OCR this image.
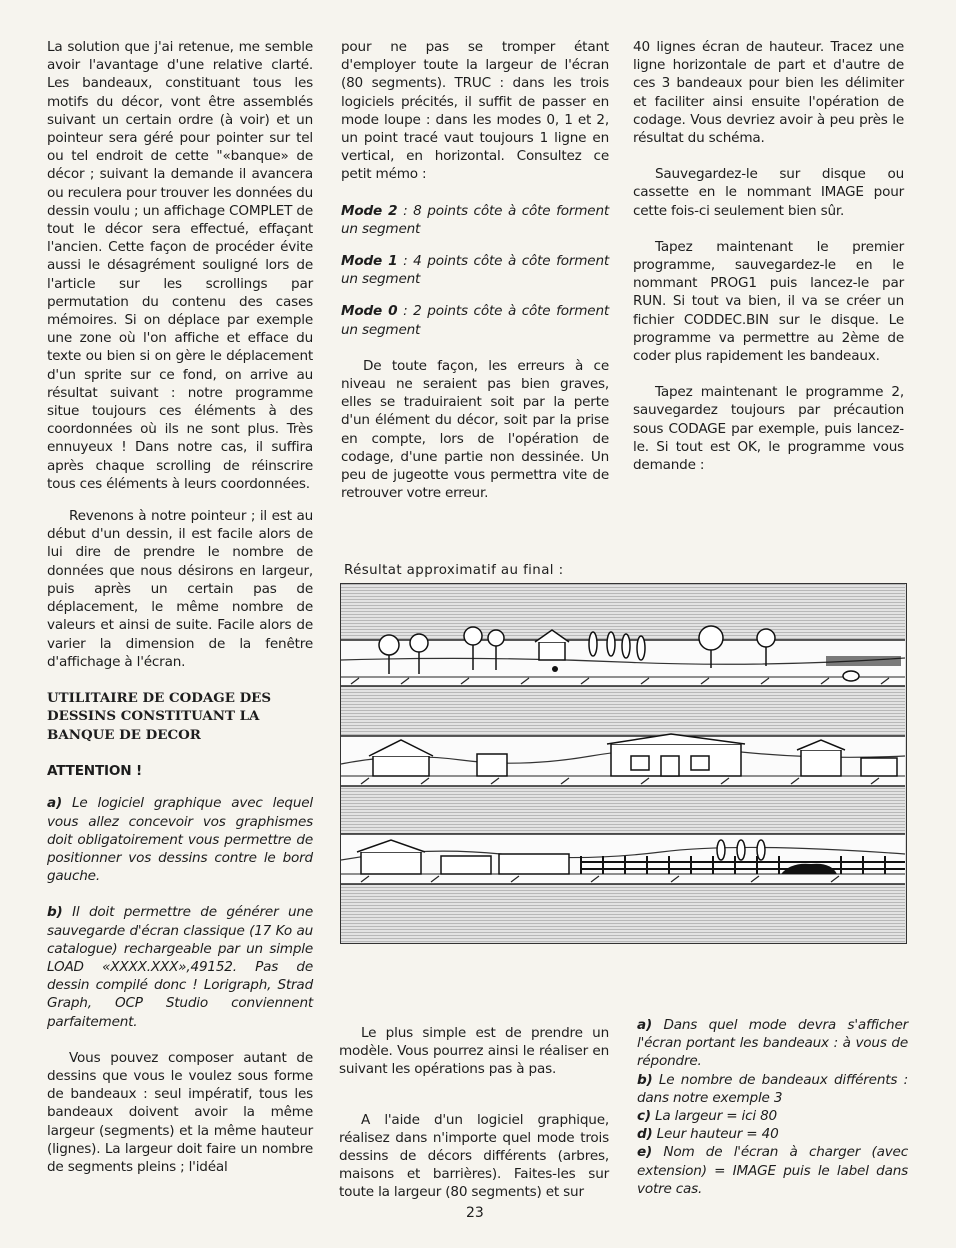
La solution que j'ai retenue, me semble avoir l'avantage d'une relative clarté. Les bandeaux, constituant tous les motifs du décor, vont être assemblés suivant un certain ordre (à voir) et un pointeur sera géré pour pointer sur tel ou tel endroit de cette "«banque» de décor ; suivant la demande il avancera ou reculera pour trouver les données du dessin voulu ; un affichage COMPLET de tout le décor sera effectué, effaçant l'ancien. Cette façon de procéder évite aussi le désagrément souligné lors de l'article sur les scrollings par permutation du contenu des cases mémoires. Si on déplace par exemple une zone où l'on affiche et efface du texte ou bien si on gère le déplacement d'un sprite sur ce fond, on arrive au résultat suivant : notre programme situe toujours ces éléments à des coordonnées où ils ne sont plus. Très ennuyeux ! Dans notre cas, il suffira après chaque scrolling de réinscrire tous ces éléments à leurs coordonnées.

Revenons à notre pointeur ; il est au début d'un dessin, il est facile alors de lui dire de prendre le nombre de données que nous désirons en largeur, puis après un certain pas de déplacement, le même nombre de valeurs et ainsi de suite. Facile alors de varier la dimension de la fenêtre d'affichage à l'écran.

UTILITAIRE DE CODAGE DES DESSINS CONSTITUANT LA BANQUE DE DECOR

ATTENTION !

a) Le logiciel graphique avec lequel vous allez concevoir vos graphismes doit obligatoirement vous permettre de positionner vos dessins contre le bord gauche.

b) Il doit permettre de générer une sauvegarde d'écran classique (17 Ko au catalogue) rechargeable par un simple LOAD «XXXX.XXX»,49152. Pas de dessin compilé donc ! Lorigraph, Strad Graph, OCP Studio conviennent parfaitement.

Vous pouvez composer autant de dessins que vous le voulez sous forme de bandeaux : seul impératif, tous les bandeaux doivent avoir la même largeur (segments) et la même hauteur (lignes). La largeur doit faire un nombre de segments pleins ; l'idéal

pour ne pas se tromper étant d'employer toute la largeur de l'écran (80 segments). TRUC : dans les trois logiciels précités, il suffit de passer en mode loupe : dans les modes 0, 1 et 2, un point tracé vaut toujours 1 ligne en vertical, en horizontal. Consultez ce petit mémo :

Mode 2 : 8 points côte à côte forment un segment

Mode 1 : 4 points côte à côte forment un segment

Mode 0 : 2 points côte à côte forment un segment

De toute façon, les erreurs à ce niveau ne seraient pas bien graves, elles se traduiraient soit par la perte d'un élément du décor, soit par la prise en compte, lors de l'opération de codage, d'une partie non dessinée. Un peu de jugeotte vous permettra vite de retrouver votre erreur.

40 lignes écran de hauteur. Tracez une ligne horizontale de part et d'autre de ces 3 bandeaux pour bien les délimiter et faciliter ainsi ensuite l'opération de codage. Vous devriez avoir à peu près le résultat du schéma.

Sauvegardez-le sur disque ou cassette en le nommant IMAGE pour cette fois-ci seulement bien sûr.

Tapez maintenant le premier programme, sauvegardez-le en le nommant PROG1 puis lancez-le par RUN. Si tout va bien, il va se créer un fichier CODDEC.BIN sur le disque. Le programme va permettre au 2ème de coder plus rapidement les bandeaux.

Tapez maintenant le programme 2, sauvegardez toujours par précaution sous CODAGE par exemple, puis lancez-le. Si tout est OK, le programme vous demande :

Résultat approximatif au final :

Le plus simple est de prendre un modèle. Vous pourrez ainsi le réaliser en suivant les opérations pas à pas.

A l'aide d'un logiciel graphique, réalisez dans n'importe quel mode trois dessins de décors différents (arbres, maisons et barrières). Faites-les sur toute la largeur (80 segments) et sur

a) Dans quel mode devra s'afficher l'écran portant les bandeaux : à vous de répondre.

b) Le nombre de bandeaux différents : dans notre exemple 3

c) La largeur = ici 80

d) Leur hauteur = 40

e) Nom de l'écran à charger (avec extension) = IMAGE puis le label dans votre cas.

23
